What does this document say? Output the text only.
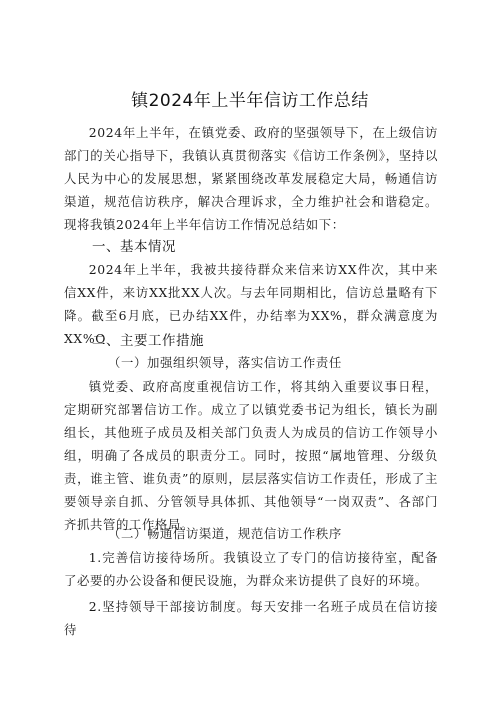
镇2024年上半年信访工作总结
2024年上半年，在镇党委、政府的坚强领导下，在上级信访部门的关心指导下，我镇认真贯彻落实《信访工作条例》，坚持以人民为中心的发展思想，紧紧围绕改革发展稳定大局，畅通信访渠道，规范信访秩序，解决合理诉求，全力维护社会和谐稳定。现将我镇2024年上半年信访工作情况总结如下：
一、基本情况
2024年上半年，我被共接待群众来信来访XX件次，其中来信XX件，来访XX批XX人次。与去年同期相比，信访总量略有下降。截至6月底，已办结XX件，办结率为XX%，群众满意度为XX%O
二、主要工作措施
（一）加强组织领导，落实信访工作责任
镇党委、政府高度重视信访工作，将其纳入重要议事日程，定期研究部署信访工作。成立了以镇党委书记为组长，镇长为副组长，其他班子成员及相关部门负责人为成员的信访工作领导小组，明确了各成员的职责分工。同时，按照“属地管理、分级负责，谁主管、谁负责”的原则，层层落实信访工作责任，形成了主要领导亲自抓、分管领导具体抓、其他领导“一岗双责”、各部门齐抓共管的工作格局。
（二）畅通信访渠道，规范信访工作秩序
1.完善信访接待场所。我镇设立了专门的信访接待室，配备了必要的办公设备和便民设施，为群众来访提供了良好的环境。
2.坚持领导干部接访制度。每天安排一名班子成员在信访接待
